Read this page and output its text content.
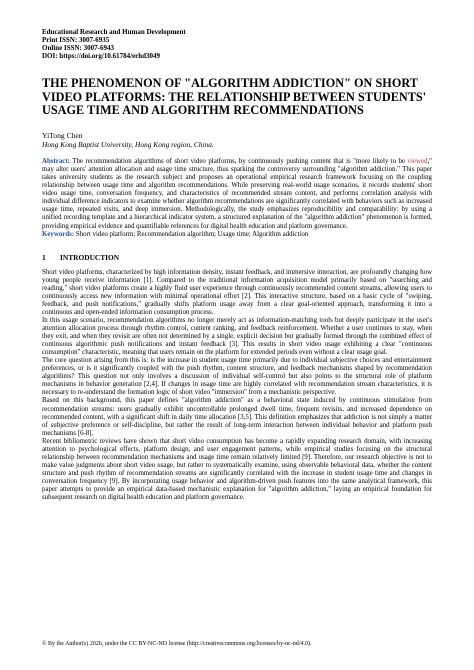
Educational Research and Human Development
Print ISSN: 3007-6935
Online ISSN: 3007-6943
DOI: https://doi.org/10.61784/erhd3049
THE PHENOMENON OF "ALGORITHM ADDICTION" ON SHORT VIDEO PLATFORMS: THE RELATIONSHIP BETWEEN STUDENTS' USAGE TIME AND ALGORITHM RECOMMENDATIONS
YiTong Chen
Hong Kong Baptist University, Hong Kong region, China.
Abstract: The recommendation algorithms of short video platforms, by continuously pushing content that is "more likely to be viewed," may alter users' attention allocation and usage time structure, thus sparking the controversy surrounding "algorithm addiction." This paper takes university students as the research subject and proposes an operational empirical research framework focusing on the coupling relationship between usage time and algorithm recommendations. While preserving real-world usage scenarios, it records students' short video usage time, conversation frequency, and characteristics of recommended stream content, and performs correlation analysis with individual difference indicators to examine whether algorithm recommendations are significantly correlated with behaviors such as increased usage time, repeated visits, and deep immersion. Methodologically, the study emphasizes reproducibility and comparability: by using a unified recording template and a hierarchical indicator system, a structured explanation of the "algorithm addiction" phenomenon is formed, providing empirical evidence and quantifiable references for digital health education and platform governance.
Keywords: Short video platform; Recommendation algorithm; Usage time; Algorithm addiction
1 INTRODUCTION

Short video platforms, characterized by high information density, instant feedback, and immersive interaction, are profoundly changing how young people receive information [1]. Compared to the traditional information acquisition model primarily based on "searching and reading," short video platforms create a highly fluid user experience through continuously recommended content streams, allowing users to continuously access new information with minimal operational effort [2]. This interactive structure, based on a basic cycle of "swiping, feedback, and push notifications," gradually shifts platform usage away from a clear goal-oriented approach, transforming it into a continuous and open-ended information consumption process.

In this usage scenario, recommendation algorithms no longer merely act as information-matching tools but deeply participate in the user's attention allocation process through rhythm control, content ranking, and feedback reinforcement. Whether a user continues to stay, when they exit, and when they revisit are often not determined by a single, explicit decision but gradually formed through the combined effect of continuous algorithmic push notifications and instant feedback [3]. This results in short video usage exhibiting a clear "continuous consumption" characteristic, meaning that users remain on the platform for extended periods even without a clear usage goal.

The core question arising from this is: is the increase in student usage time primarily due to individual subjective choices and entertainment preferences, or is it significantly coupled with the push rhythm, content structure, and feedback mechanisms shaped by recommendation algorithms? This question not only involves a discussion of individual self-control but also points to the structural role of platform mechanisms in behavior generation [2,4]. If changes in usage time are highly correlated with recommendation stream characteristics, it is necessary to re-understand the formation logic of short video "immersion" from a mechanistic perspective.

Based on this background, this paper defines "algorithm addiction" as a behavioral state induced by continuous stimulation from recommendation streams: users gradually exhibit uncontrollable prolonged dwell time, frequent revisits, and increased dependence on recommended content, with a significant shift in daily time allocation [3,5]. This definition emphasizes that addiction is not simply a matter of subjective preference or self-discipline, but rather the result of long-term interaction between individual behavior and platform push mechanisms [6-8].

Recent bibliometric reviews have shown that short video consumption has become a rapidly expanding research domain, with increasing attention to psychological effects, platform design, and user engagement patterns, while empirical studies focusing on the structural relationship between recommendation mechanisms and usage time remain relatively limited [9]. Therefore, our research objective is not to make value judgments about short video usage, but rather to systematically examine, using observable behavioral data, whether the content structure and push rhythm of recommendation streams are significantly correlated with the increase in student usage time and changes in conversation frequency [9]. By incorporating usage behavior and algorithm-driven push features into the same analytical framework, this paper attempts to provide an empirical data-based mechanistic explanation for "algorithm addiction," laying an empirical foundation for subsequent research on digital health education and platform governance.

© By the Author(s) 2026, under the CC BY-NC-ND license (http://creativecommons.org/licenses/by-nc-nd/4.0).
